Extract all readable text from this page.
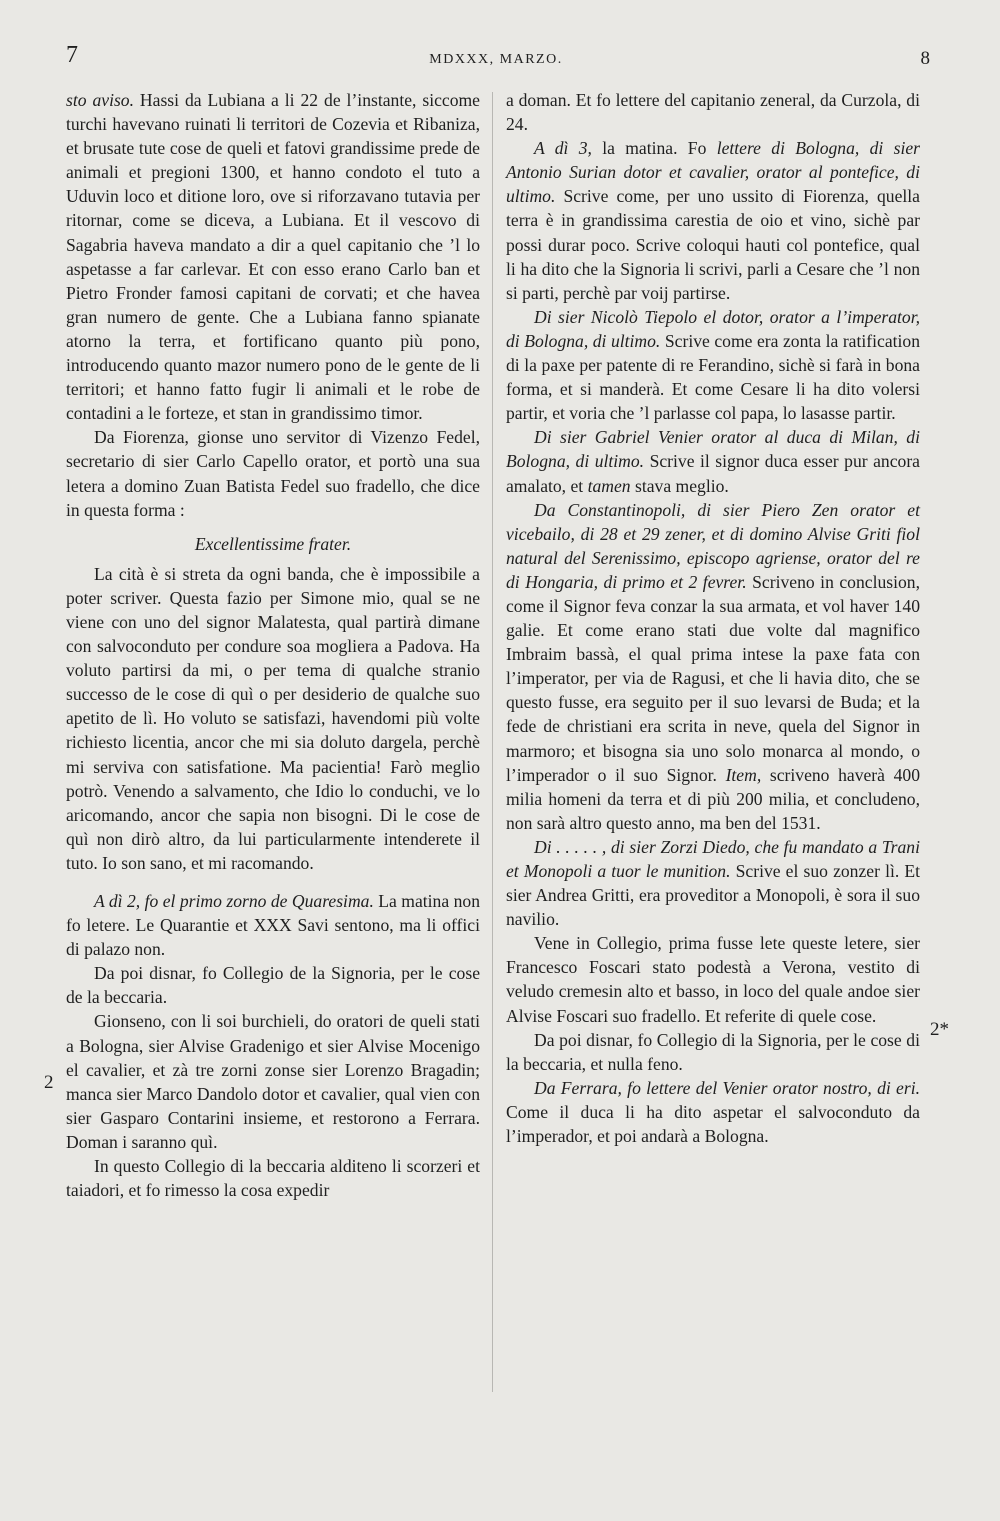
7	MDXXX, MARZO.	8

sto aviso. Hassi da Lubiana a li 22 de l’instante, siccome turchi havevano ruinati li territori de Cozevia et Ribaniza, et brusate tute cose de queli et fatovi grandissime prede de animali et pregioni 1300, et hanno condoto el tuto a Uduvin loco et ditione loro, ove si riforzavano tutavia per ritornar, come se diceva, a Lubiana. Et il vescovo di Sagabria haveva mandato a dir a quel capitanio che ’l lo aspetasse a far carlevar. Et con esso erano Carlo ban et Pietro Fronder famosi capitani de corvati; et che havea gran numero de gente. Che a Lubiana fanno spianate atorno la terra, et fortificano quanto più pono, introducendo quanto mazor numero pono de le gente de li territori; et hanno fatto fugir li animali et le robe de contadini a le forteze, et stan in grandissimo timor.

Da Fiorenza, gionse uno servitor di Vizenzo Fedel, secretario di sier Carlo Capello orator, et portò una sua letera a domino Zuan Batista Fedel suo fradello, che dice in questa forma :

Excellentissime frater.

La cità è si streta da ogni banda, che è impossibile a poter scriver. Questa fazio per Simone mio, qual se ne viene con uno del signor Malatesta, qual partirà dimane con salvoconduto per condure soa mogliera a Padova. Ha voluto partirsi da mi, o per tema di qualche stranio successo de le cose di quì o per desiderio de qualche suo apetito de lì. Ho voluto se satisfazi, havendomi più volte richiesto licentia, ancor che mi sia doluto dargela, perchè mi serviva con satisfatione. Ma pacientia! Farò meglio potrò. Venendo a salvamento, che Idio lo conduchi, ve lo aricomando, ancor che sapia non bisogni. Di le cose de quì non dirò altro, da lui particularmente intenderete il tuto. Io son sano, et mi racomando.

A dì 2, fo el primo zorno de Quaresima. La matina non fo letere. Le Quarantie et XXX Savi sentono, ma li offici di palazo non.

Da poi disnar, fo Collegio de la Signoria, per le cose de la beccaria.

Gionseno, con li soi burchieli, do oratori de queli stati a Bologna, sier Alvise Gradenigo et sier Alvise Mocenigo el cavalier, et zà tre zorni zonse sier Lorenzo Bragadin; manca sier Marco Dandolo dotor et cavalier, qual vien con sier Gasparo Contarini insieme, et restorono a Ferrara. Doman i saranno quì.

In questo Collegio di la beccaria alditeno li scorzeri et taiadori, et fo rimesso la cosa expedir

a doman. Et fo lettere del capitanio zeneral, da Curzola, di 24.

A dì 3, la matina. Fo lettere di Bologna, di sier Antonio Surian dotor et cavalier, orator al pontefice, di ultimo. Scrive come, per uno ussito di Fiorenza, quella terra è in grandissima carestia de oio et vino, sichè par possi durar poco. Scrive coloqui hauti col pontefice, qual li ha dito che la Signoria li scrivi, parli a Cesare che ’l non si parti, perchè par voij partirse.

Di sier Nicolò Tiepolo el dotor, orator a l’imperator, di Bologna, di ultimo. Scrive come era zonta la ratification di la paxe per patente di re Ferandino, sichè si farà in bona forma, et si manderà. Et come Cesare li ha dito volersi partir, et voria che ’l parlasse col papa, lo lasasse partir.

Di sier Gabriel Venier orator al duca di Milan, di Bologna, di ultimo. Scrive il signor duca esser pur ancora amalato, et tamen stava meglio.

Da Constantinopoli, di sier Piero Zen orator et vicebailo, di 28 et 29 zener, et di domino Alvise Griti fiol natural del Serenissimo, episcopo agriense, orator del re di Hongaria, di primo et 2 fevrer. Scriveno in conclusion, come il Signor feva conzar la sua armata, et vol haver 140 galie. Et come erano stati due volte dal magnifico Imbraim bassà, el qual prima intese la paxe fata con l’imperator, per via de Ragusi, et che li havia dito, che se questo fusse, era seguito per il suo levarsi de Buda; et la fede de christiani era scrita in neve, quela del Signor in marmoro; et bisogna sia uno solo monarca al mondo, o l’imperador o il suo Signor. Item, scriveno haverà 400 milia homeni da terra et di più 200 milia, et concludeno, non sarà altro questo anno, ma ben del 1531.

Di . . . . . , di sier Zorzi Diedo, che fu mandato a Trani et Monopoli a tuor le munition. Scrive el suo zonzer lì. Et sier Andrea Gritti, era proveditor a Monopoli, è sora il suo navilio.

Vene in Collegio, prima fusse lete queste letere, sier Francesco Foscari stato podestà a Verona, vestito di veludo cremesin alto et basso, in loco del quale andoe sier Alvise Foscari suo fradello. Et referite di quele cose.

Da poi disnar, fo Collegio di la Signoria, per le cose di la beccaria, et nulla feno.

Da Ferrara, fo lettere del Venier orator nostro, di eri. Come il duca li ha dito aspetar el salvoconduto da l’imperador, et poi andarà a Bologna.

2
2*
